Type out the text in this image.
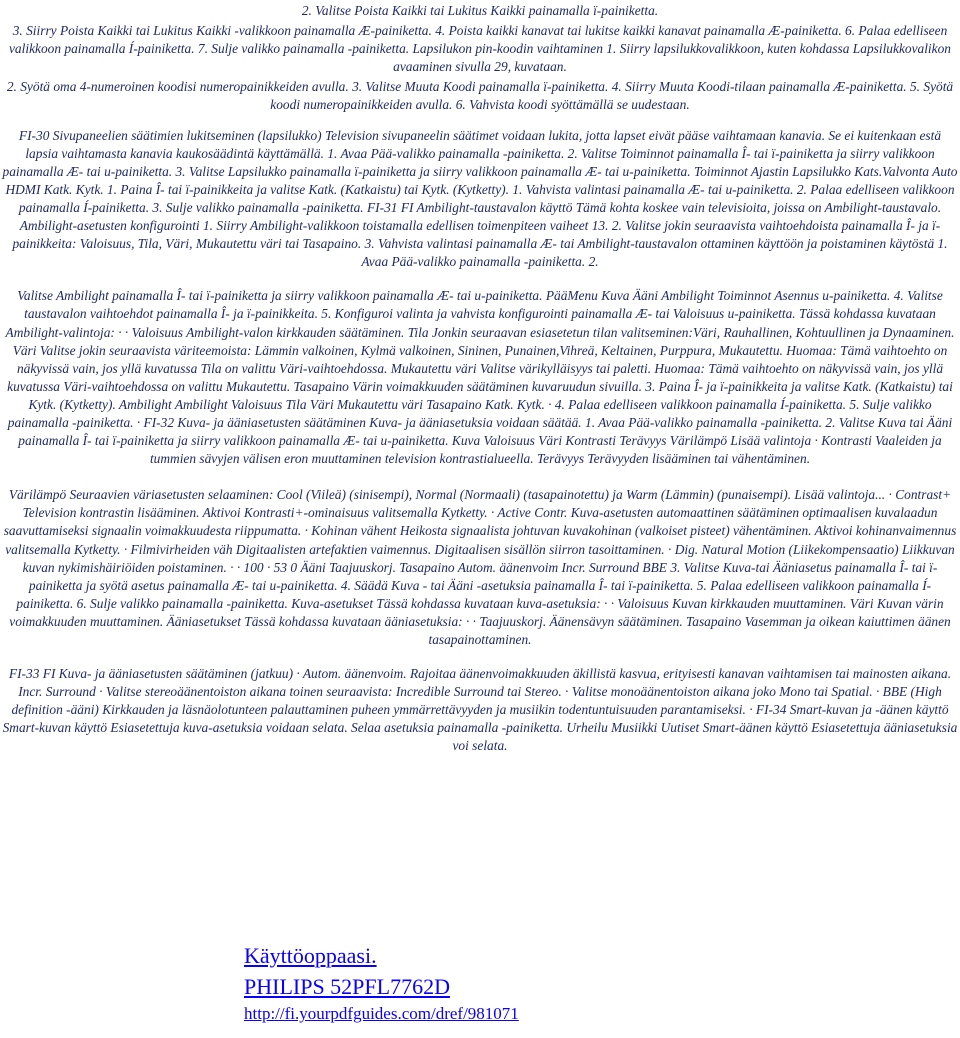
2. Valitse Poista Kaikki tai Lukitus Kaikki painamalla ï-painiketta.

3. Siirry Poista Kaikki tai Lukitus Kaikki -valikkoon painamalla Æ-painiketta. 4. Poista kaikki kanavat tai lukitse kaikki kanavat painamalla Æ-painiketta. 6. Palaa edelliseen valikkoon painamalla Í-painiketta. 7. Sulje valikko painamalla -painiketta. Lapsilukon pin-koodin vaihtaminen 1. Siirry lapsilukkovalikkoon, kuten kohdassa Lapsilukkovalikon avaaminen sivulla 29, kuvataan.

2. Syötä oma 4-numeroinen koodisi numeropainikkeiden avulla. 3. Valitse Muuta Koodi painamalla ï-painiketta. 4. Siirry Muuta Koodi-tilaan painamalla Æ-painiketta. 5. Syötä koodi numeropainikkeiden avulla. 6. Vahvista koodi syöttämällä se uudestaan.

FI-30 Sivupaneelien säätimien lukitseminen (lapsilukko) Television sivupaneelin säätimet voidaan lukita, jotta lapset eivät pääse vaihtamaan kanavia. Se ei kuitenkaan estä lapsia vaihtamasta kanavia kaukosäädintä käyttämällä. 1. Avaa Pää-valikko painamalla -painiketta. 2. Valitse Toiminnot painamalla Î- tai ï-painiketta ja siirry valikkoon painamalla Æ- tai u-painiketta. 3. Valitse Lapsilukko painamalla ï-painiketta ja siirry valikkoon painamalla Æ- tai u-painiketta. Toiminnot Ajastin Lapsilukko Kats.Valvonta Auto HDMI Katk. Kytk. 1. Paina Î- tai ï-painikkeita ja valitse Katk. (Katkaistu) tai Kytk. (Kytketty). 1. Vahvista valintasi painamalla Æ- tai u-painiketta. 2. Palaa edelliseen valikkoon painamalla Í-painiketta. 3. Sulje valikko painamalla -painiketta. FI-31 FI Ambilight-taustavalon käyttö Tämä kohta koskee vain televisioita, joissa on Ambilight-taustavalo. Ambilight-asetusten konfigurointi 1. Siirry Ambilight-valikkoon toistamalla edellisen toimenpiteen vaiheet 13. 2. Valitse jokin seuraavista vaihtoehdoista painamalla Î- ja ï-painikkeita: Valoisuus, Tila, Väri, Mukautettu väri tai Tasapaino. 3. Vahvista valintasi painamalla Æ- tai Ambilight-taustavalon ottaminen käyttöön ja poistaminen käytöstä 1. Avaa Pää-valikko painamalla -painiketta. 2.

Valitse Ambilight painamalla Î- tai ï-painiketta ja siirry valikkoon painamalla Æ- tai u-painiketta. PääMenu Kuva Ääni Ambilight Toiminnot Asennus u-painiketta. 4. Valitse taustavalon vaihtoehdot painamalla Î- ja ï-painikkeita. 5. Konfiguroi valinta ja vahvista konfigurointi painamalla Æ- tai Valoisuus u-painiketta. Tässä kohdassa kuvataan Ambilight-valintoja: · · Valoisuus Ambilight-valon kirkkauden säätäminen. Tila Jonkin seuraavan esiasetetun tilan valitseminen:Väri, Rauhallinen, Kohtuullinen ja Dynaaminen. Väri Valitse jokin seuraavista väriteemoista: Lämmin valkoinen, Kylmä valkoinen, Sininen, Punainen,Vihreä, Keltainen, Purppura, Mukautettu. Huomaa: Tämä vaihtoehto on näkyvissä vain, jos yllä kuvatussa Tila on valittu Väri-vaihtoehdossa. Mukautettu väri Valitse värikylläisyys tai paletti. Huomaa: Tämä vaihtoehto on näkyvissä vain, jos yllä kuvatussa Väri-vaihtoehdossa on valittu Mukautettu. Tasapaino Värin voimakkuuden säätäminen kuvaruudun sivuilla. 3. Paina Î- ja ï-painikkeita ja valitse Katk. (Katkaistu) tai Kytk. (Kytketty). Ambilight Ambilight Valoisuus Tila Väri Mukautettu väri Tasapaino Katk. Kytk. · 4. Palaa edelliseen valikkoon painamalla Í-painiketta. 5. Sulje valikko painamalla -painiketta. · FI-32 Kuva- ja ääniasetusten säätäminen Kuva- ja ääniasetuksia voidaan säätää. 1. Avaa Pää-valikko painamalla -painiketta. 2. Valitse Kuva tai Ääni painamalla Î- tai ï-painiketta ja siirry valikkoon painamalla Æ- tai u-painiketta. Kuva Valoisuus Väri Kontrasti Terävyys Värilämpö Lisää valintoja · Kontrasti Vaaleiden ja tummien sävyjen välisen eron muuttaminen television kontrastialueella. Terävyys Terävyyden lisääminen tai vähentäminen.

Värilämpö Seuraavien väriasetusten selaaminen: Cool (Viileä) (sinisempi), Normal (Normaali) (tasapainotettu) ja Warm (Lämmin) (punaisempi). Lisää valintoja... · Contrast+ Television kontrastin lisääminen. Aktivoi Kontrasti+-ominaisuus valitsemalla Kytketty. · Active Contr. Kuva-asetusten automaattinen säätäminen optimaalisen kuvalaadun saavuttamiseksi signaalin voimakkuudesta riippumatta. · Kohinan vähent Heikosta signaalista johtuvan kuvakohinan (valkoiset pisteet) vähentäminen. Aktivoi kohinanvaimennus valitsemalla Kytketty. · Filmivirheiden väh Digitaalisten artefaktien vaimennus. Digitaalisen sisällön siirron tasoittaminen. · Dig. Natural Motion (Liikekompensaatio) Liikkuvan kuvan nykimishäiriöiden poistaminen. · · 100 · 53 0 Ääni Taajuuskorj. Tasapaino Autom. äänenvoim Incr. Surround BBE 3. Valitse Kuva-tai Ääniasetus painamalla Î- tai ï-painiketta ja syötä asetus painamalla Æ- tai u-painiketta. 4. Säädä Kuva - tai Ääni -asetuksia painamalla Î- tai ï-painiketta. 5. Palaa edelliseen valikkoon painamalla Í-painiketta. 6. Sulje valikko painamalla -painiketta. Kuva-asetukset Tässä kohdassa kuvataan kuva-asetuksia: · · Valoisuus Kuvan kirkkauden muuttaminen. Väri Kuvan värin voimakkuuden muuttaminen. Ääniasetukset Tässä kohdassa kuvataan ääniasetuksia: · · Taajuuskorj. Äänensävyn säätäminen. Tasapaino Vasemman ja oikean kaiuttimen äänen tasapainottaminen.

FI-33 FI Kuva- ja ääniasetusten säätäminen (jatkuu) · Autom. äänenvoim. Rajoitaa äänenvoimakkuuden äkillistä kasvua, erityisesti kanavan vaihtamisen tai mainosten aikana. Incr. Surround · Valitse stereoäänentoiston aikana toinen seuraavista: Incredible Surround tai Stereo. · Valitse monoäänentoiston aikana joko Mono tai Spatial. · BBE (High definition -ääni) Kirkkauden ja läsnäolotunteen palauttaminen puheen ymmärrettävyyden ja musiikin todentuntuisuuden parantamiseksi. · FI-34 Smart-kuvan ja -äänen käyttö Smart-kuvan käyttö Esiasetettuja kuva-asetuksia voidaan selata. Selaa asetuksia painamalla -painiketta. Urheilu Musiikki Uutiset Smart-äänen käyttö Esiasetettuja ääniasetuksia voi selata.

Käyttöoppaasi.
PHILIPS 52PFL7762D
http://fi.yourpdfguides.com/dref/981071
